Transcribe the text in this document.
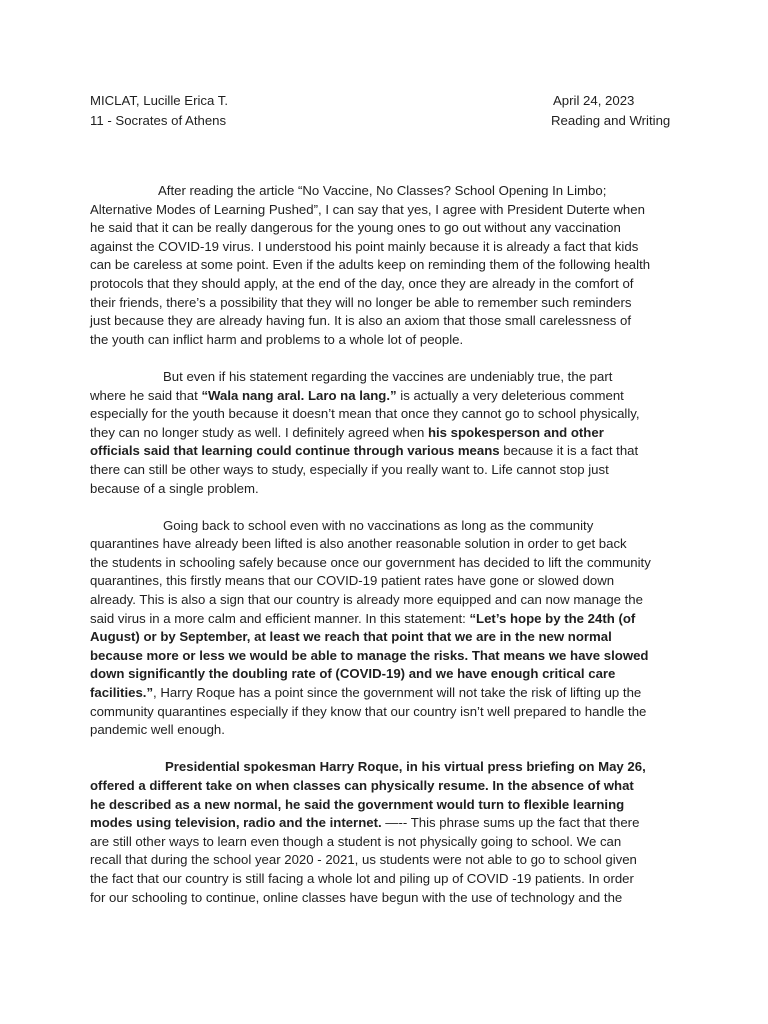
MICLAT, Lucille Erica T.
11 - Socrates of Athens
April 24, 2023
Reading and Writing
After reading the article “No Vaccine, No Classes? School Opening In Limbo;
Alternative Modes of Learning Pushed”, I can say that yes, I agree with President Duterte when
he said that it can be really dangerous for the young ones to go out without any vaccination
against the COVID-19 virus. I understood his point mainly because it is already a fact that kids
can be careless at some point. Even if the adults keep on reminding them of the following health
protocols that they should apply, at the end of the day, once they are already in the comfort of
their friends, there’s a possibility that they will no longer be able to remember such reminders
just because they are already having fun. It is also an axiom that those small carelessness of
the youth can inflict harm and problems to a whole lot of people.
But even if his statement regarding the vaccines are undeniably true, the part
where he said that “Wala nang aral. Laro na lang.” is actually a very deleterious comment
especially for the youth because it doesn’t mean that once they cannot go to school physically,
they can no longer study as well. I definitely agreed when his spokesperson and other
officials said that learning could continue through various means because it is a fact that
there can still be other ways to study, especially if you really want to. Life cannot stop just
because of a single problem.
Going back to school even with no vaccinations as long as the community
quarantines have already been lifted is also another reasonable solution in order to get back
the students in schooling safely because once our government has decided to lift the community
quarantines, this firstly means that our COVID-19 patient rates have gone or slowed down
already. This is also a sign that our country is already more equipped and can now manage the
said virus in a more calm and efficient manner. In this statement: “Let’s hope by the 24th (of
August) or by September, at least we reach that point that we are in the new normal
because more or less we would be able to manage the risks. That means we have slowed
down significantly the doubling rate of (COVID-19) and we have enough critical care
facilities.”, Harry Roque has a point since the government will not take the risk of lifting up the
community quarantines especially if they know that our country isn’t well prepared to handle the
pandemic well enough.
Presidential spokesman Harry Roque, in his virtual press briefing on May 26,
offered a different take on when classes can physically resume. In the absence of what
he described as a new normal, he said the government would turn to flexible learning
modes using television, radio and the internet. —-- This phrase sums up the fact that there
are still other ways to learn even though a student is not physically going to school. We can
recall that during the school year 2020 - 2021, us students were not able to go to school given
the fact that our country is still facing a whole lot and piling up of COVID -19 patients. In order
for our schooling to continue, online classes have begun with the use of technology and the
